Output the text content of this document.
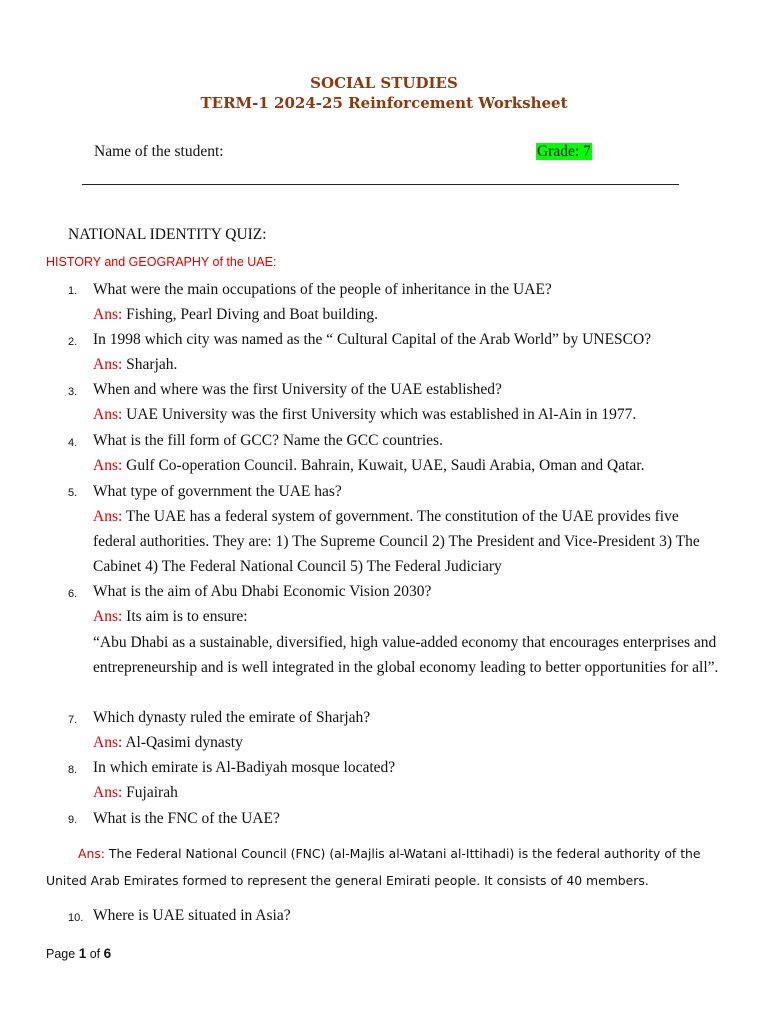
SOCIAL STUDIES
TERM-1 2024-25 Reinforcement Worksheet
Name of the student:	Grade: 7
NATIONAL IDENTITY QUIZ:
HISTORY and GEOGRAPHY of the UAE:
1. What were the main occupations of the people of inheritance in the UAE?
Ans: Fishing, Pearl Diving and Boat building.
2. In 1998 which city was named as the “ Cultural Capital of the Arab World” by UNESCO?
Ans: Sharjah.
3. When and where was the first University of the UAE established?
Ans: UAE University was the first University which was established in Al-Ain in 1977.
4. What is the fill form of GCC? Name the GCC countries.
Ans: Gulf Co-operation Council. Bahrain, Kuwait, UAE, Saudi Arabia, Oman and Qatar.
5. What type of government the UAE has?
Ans: The UAE has a federal system of government. The constitution of the UAE provides five
federal authorities. They are: 1) The Supreme Council 2) The President and Vice-President 3) The
Cabinet 4) The Federal National Council 5) The Federal Judiciary
6. What is the aim of Abu Dhabi Economic Vision 2030?
Ans: Its aim is to ensure:
“Abu Dhabi as a sustainable, diversified, high value-added economy that encourages enterprises and
entrepreneurship and is well integrated in the global economy leading to better opportunities for all”.
7. Which dynasty ruled the emirate of Sharjah?
Ans: Al-Qasimi dynasty
8. In which emirate is Al-Badiyah mosque located?
Ans: Fujairah
9. What is the FNC of the UAE?
Ans: The Federal National Council (FNC) (al-Majlis al-Watani al-Ittihadi) is the federal authority of the
United Arab Emirates formed to represent the general Emirati people. It consists of 40 members.
10. Where is UAE situated in Asia?
Page 1 of 6
